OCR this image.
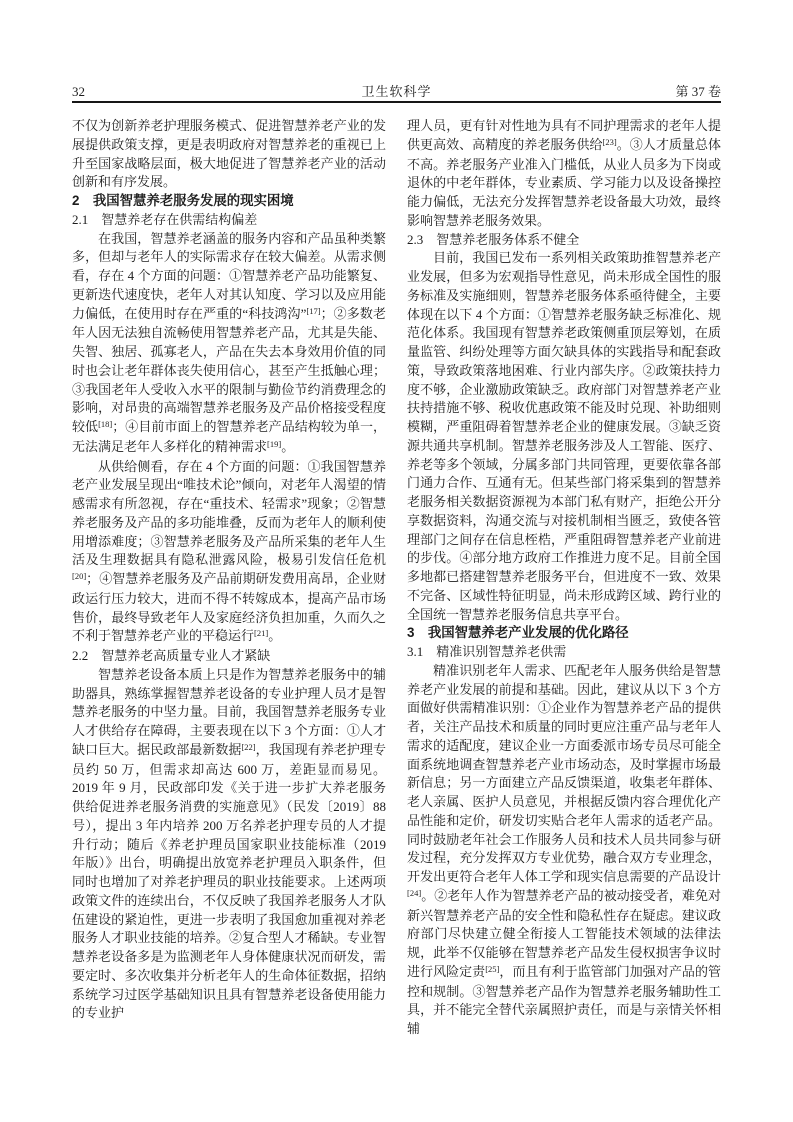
32	卫生软科学	第 37 卷

不仅为创新养老护理服务模式、促进智慧养老产业的发展提供政策支撑，更是表明政府对智慧养老的重视已上升至国家战略层面，极大地促进了智慧养老产业的活动创新和有序发展。

2　我国智慧养老服务发展的现实困境
2.1　智慧养老存在供需结构偏差

在我国，智慧养老涵盖的服务内容和产品虽种类繁多，但却与老年人的实际需求存在较大偏差。从需求侧看，存在 4 个方面的问题：①智慧养老产品功能繁复、更新迭代速度快，老年人对其认知度、学习以及应用能力偏低，在使用时存在严重的“科技鸿沟”[17]；②多数老年人因无法独自流畅使用智慧养老产品，尤其是失能、失智、独居、孤寡老人，产品在失去本身效用价值的同时也会让老年群体丧失使用信心，甚至产生抵触心理；③我国老年人受收入水平的限制与勤俭节约消费理念的影响，对昂贵的高端智慧养老服务及产品价格接受程度较低[18]；④目前市面上的智慧养老产品结构较为单一，无法满足老年人多样化的精神需求[19]。

从供给侧看，存在 4 个方面的问题：①我国智慧养老产业发展呈现出“唯技术论”倾向，对老年人渴望的情感需求有所忽视，存在“重技术、轻需求”现象；②智慧养老服务及产品的多功能堆叠，反而为老年人的顺利使用增添难度；③智慧养老服务及产品所采集的老年人生活及生理数据具有隐私泄露风险，极易引发信任危机[20]；④智慧养老服务及产品前期研发费用高昂，企业财政运行压力较大，进而不得不转嫁成本，提高产品市场售价，最终导致老年人及家庭经济负担加重，久而久之不利于智慧养老产业的平稳运行[21]。

2.2　智慧养老高质量专业人才紧缺

智慧养老设备本质上只是作为智慧养老服务中的辅助器具，熟练掌握智慧养老设备的专业护理人员才是智慧养老服务的中坚力量。目前，我国智慧养老服务专业人才供给存在障碍，主要表现在以下 3 个方面：①人才缺口巨大。据民政部最新数据[22]，我国现有养老护理专员约 50 万，但需求却高达 600 万，差距显而易见。2019 年 9 月，民政部印发《关于进一步扩大养老服务供给促进养老服务消费的实施意见》（民发〔2019〕88 号），提出 3 年内培养 200 万名养老护理专员的人才提升行动；随后《养老护理员国家职业技能标准（2019 年版）》出台，明确提出放宽养老护理员入职条件，但同时也增加了对养老护理员的职业技能要求。上述两项政策文件的连续出台，不仅反映了我国养老服务人才队伍建设的紧迫性，更进一步表明了我国愈加重视对养老服务人才职业技能的培养。②复合型人才稀缺。专业智慧养老设备多是为监测老年人身体健康状况而研发，需要定时、多次收集并分析老年人的生命体征数据，招纳系统学习过医学基础知识且具有智慧养老设备使用能力的专业护

理人员，更有针对性地为具有不同护理需求的老年人提供更高效、高精度的养老服务供给[23]。③人才质量总体不高。养老服务产业准入门槛低，从业人员多为下岗或退休的中老年群体，专业素质、学习能力以及设备操控能力偏低，无法充分发挥智慧养老设备最大功效，最终影响智慧养老服务效果。

2.3　智慧养老服务体系不健全

目前，我国已发布一系列相关政策助推智慧养老产业发展，但多为宏观指导性意见，尚未形成全国性的服务标准及实施细则，智慧养老服务体系亟待健全，主要体现在以下 4 个方面：①智慧养老服务缺乏标准化、规范化体系。我国现有智慧养老政策侧重顶层筹划，在质量监管、纠纷处理等方面欠缺具体的实践指导和配套政策，导致政策落地困难、行业内部失序。②政策扶持力度不够，企业激励政策缺乏。政府部门对智慧养老产业扶持措施不够、税收优惠政策不能及时兑现、补助细则模糊，严重阻碍着智慧养老企业的健康发展。③缺乏资源共通共享机制。智慧养老服务涉及人工智能、医疗、养老等多个领域，分属多部门共同管理，更要依靠各部门通力合作、互通有无。但某些部门将采集到的智慧养老服务相关数据资源视为本部门私有财产，拒绝公开分享数据资料，沟通交流与对接机制相当匮乏，致使各管理部门之间存在信息桎梏，严重阻碍智慧养老产业前进的步伐。④部分地方政府工作推进力度不足。目前全国多地都已搭建智慧养老服务平台，但进度不一致、效果不完备、区域性特征明显，尚未形成跨区域、跨行业的全国统一智慧养老服务信息共享平台。

3　我国智慧养老产业发展的优化路径
3.1　精准识别智慧养老供需

精准识别老年人需求、匹配老年人服务供给是智慧养老产业发展的前提和基础。因此，建议从以下 3 个方面做好供需精准识别：①企业作为智慧养老产品的提供者，关注产品技术和质量的同时更应注重产品与老年人需求的适配度，建议企业一方面委派市场专员尽可能全面系统地调查智慧养老产业市场动态，及时掌握市场最新信息；另一方面建立产品反馈渠道，收集老年群体、老人亲属、医护人员意见，并根据反馈内容合理优化产品性能和定价，研发切实贴合老年人需求的适老产品。同时鼓励老年社会工作服务人员和技术人员共同参与研发过程，充分发挥双方专业优势，融合双方专业理念，开发出更符合老年人体工学和现实信息需要的产品设计[24]。②老年人作为智慧养老产品的被动接受者，难免对新兴智慧养老产品的安全性和隐私性存在疑虑。建议政府部门尽快建立健全衔接人工智能技术领域的法律法规，此举不仅能够在智慧养老产品发生侵权损害争议时进行风险定责[25]，而且有利于监管部门加强对产品的管控和规制。③智慧养老产品作为智慧养老服务辅助性工具，并不能完全替代亲属照护责任，而是与亲情关怀相辅
